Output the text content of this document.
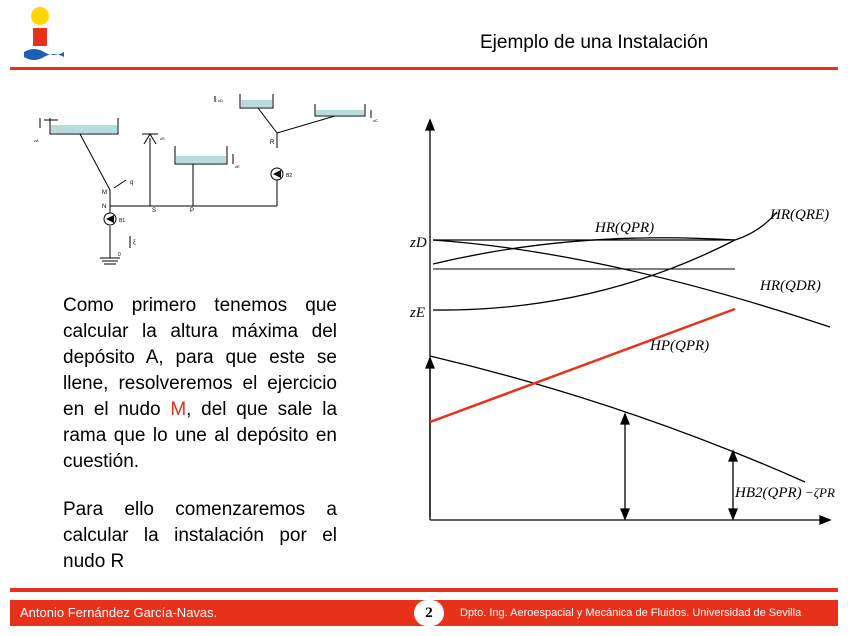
Ejemplo de una Instalación
M
N
S	P
R
q
B1
B2
zA
zE
zD
zC
zS
0
ξ

Como primero tenemos que calcular la altura máxima del depósito A, para que este se llene, resolveremos el ejercicio en el nudo M, del que sale la rama que lo une al depósito en cuestión.

Para ello comenzaremos a calcular la instalación por el nudo R

HR(QPR)
HR(QRE)
HR(QDR)
HP(QPR)
HB2(QPR) −ζPR
zD
zE
Antonio Fernández García-Navas.	2	Dpto. Ing. Aeroespacial y Mecánica de Fluidos. Universidad de Sevilla
